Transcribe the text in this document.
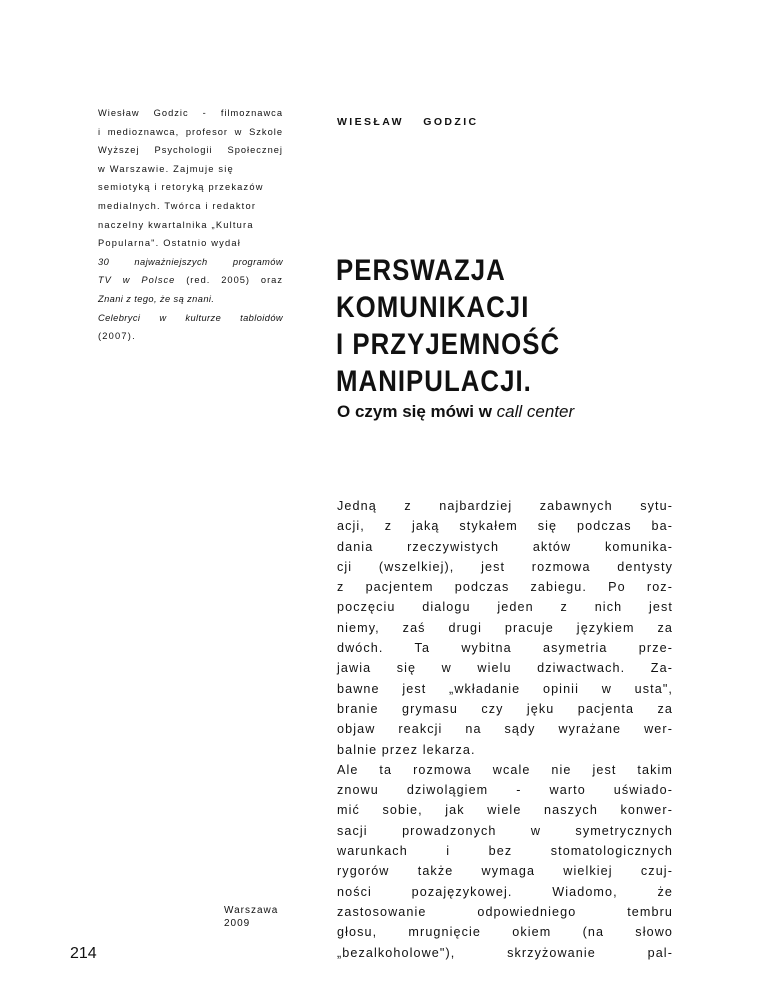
Wiesław Godzic - filmoznawca
i medioznawca, profesor w Szkole
Wyższej Psychologii Społecznej
w Warszawie. Zajmuje się
semiotyką i retoryką przekazów
medialnych. Twórca i redaktor
naczelny kwartalnika „Kultura
Popularna". Ostatnio wydał
30 najważniejszych programów
TV w Polsce (red. 2005) oraz
Znani z tego, że są znani.
Celebryci w kulturze tabloidów
(2007).
WIESŁAW GODZIC
PERSWAZJA
KOMUNIKACJI
I PRZYJEMNOŚĆ
MANIPULACJI.
O czym się mówi w call center
Jedną z najbardziej zabawnych sytu-
acji, z jaką stykałem się podczas ba-
dania rzeczywistych aktów komunika-
cji (wszelkiej), jest rozmowa dentysty
z pacjentem podczas zabiegu. Po roz-
poczęciu dialogu jeden z nich jest
niemy, zaś drugi pracuje językiem za
dwóch. Ta wybitna asymetria prze-
jawia się w wielu dziwactwach. Za-
bawne jest „wkładanie opinii w usta",
branie grymasu czy jęku pacjenta za
objaw reakcji na sądy wyrażane wer-
balnie przez lekarza.
Ale ta rozmowa wcale nie jest takim
znowu dziwolągiem - warto uświado-
mić sobie, jak wiele naszych konwer-
sacji prowadzonych w symetrycznych
warunkach i bez stomatologicznych
rygorów także wymaga wielkiej czuj-
ności pozajęzykowej. Wiadomo, że
zastosowanie odpowiedniego tembru
głosu, mrugnięcie okiem (na słowo
„bezalkoholowe"), skrzyżowanie pal-
Warszawa
2009
214
